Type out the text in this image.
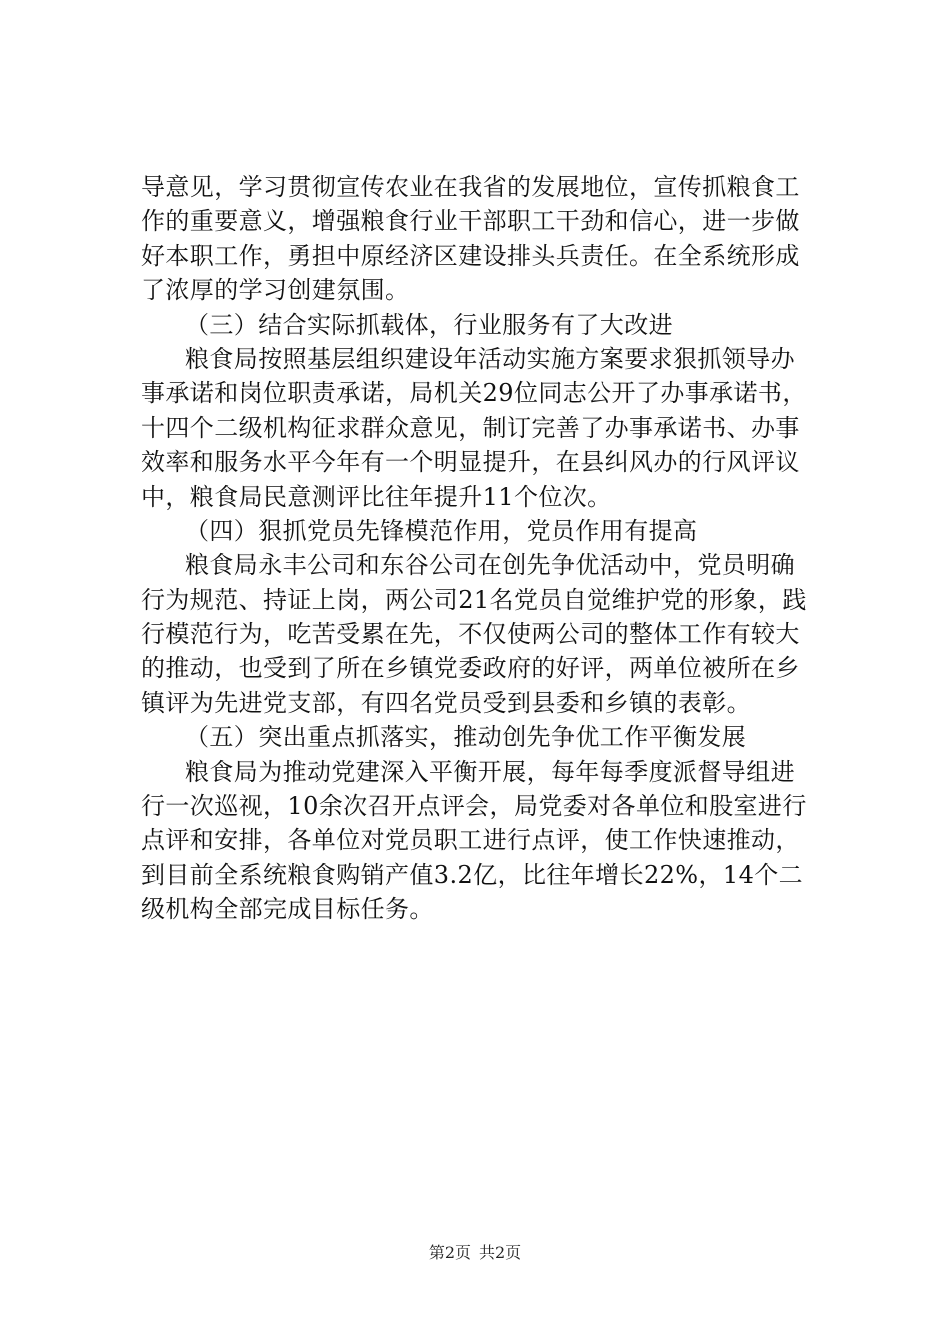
导意见，学习贯彻宣传农业在我省的发展地位，宣传抓粮食工
作的重要意义，增强粮食行业干部职工干劲和信心，进一步做
好本职工作，勇担中原经济区建设排头兵责任。在全系统形成
了浓厚的学习创建氛围。
（三）结合实际抓载体，行业服务有了大改进
粮食局按照基层组织建设年活动实施方案要求狠抓领导办
事承诺和岗位职责承诺，局机关29位同志公开了办事承诺书，
十四个二级机构征求群众意见，制订完善了办事承诺书、办事
效率和服务水平今年有一个明显提升，在县纠风办的行风评议
中，粮食局民意测评比往年提升11个位次。
（四）狠抓党员先锋模范作用，党员作用有提高
粮食局永丰公司和东谷公司在创先争优活动中，党员明确
行为规范、持证上岗，两公司21名党员自觉维护党的形象，践
行模范行为，吃苦受累在先，不仅使两公司的整体工作有较大
的推动，也受到了所在乡镇党委政府的好评，两单位被所在乡
镇评为先进党支部，有四名党员受到县委和乡镇的表彰。
（五）突出重点抓落实，推动创先争优工作平衡发展
粮食局为推动党建深入平衡开展，每年每季度派督导组进
行一次巡视，10余次召开点评会，局党委对各单位和股室进行
点评和安排，各单位对党员职工进行点评，使工作快速推动，
到目前全系统粮食购销产值3.2亿，比往年增长22%，14个二
级机构全部完成目标任务。
第2页 共2页
